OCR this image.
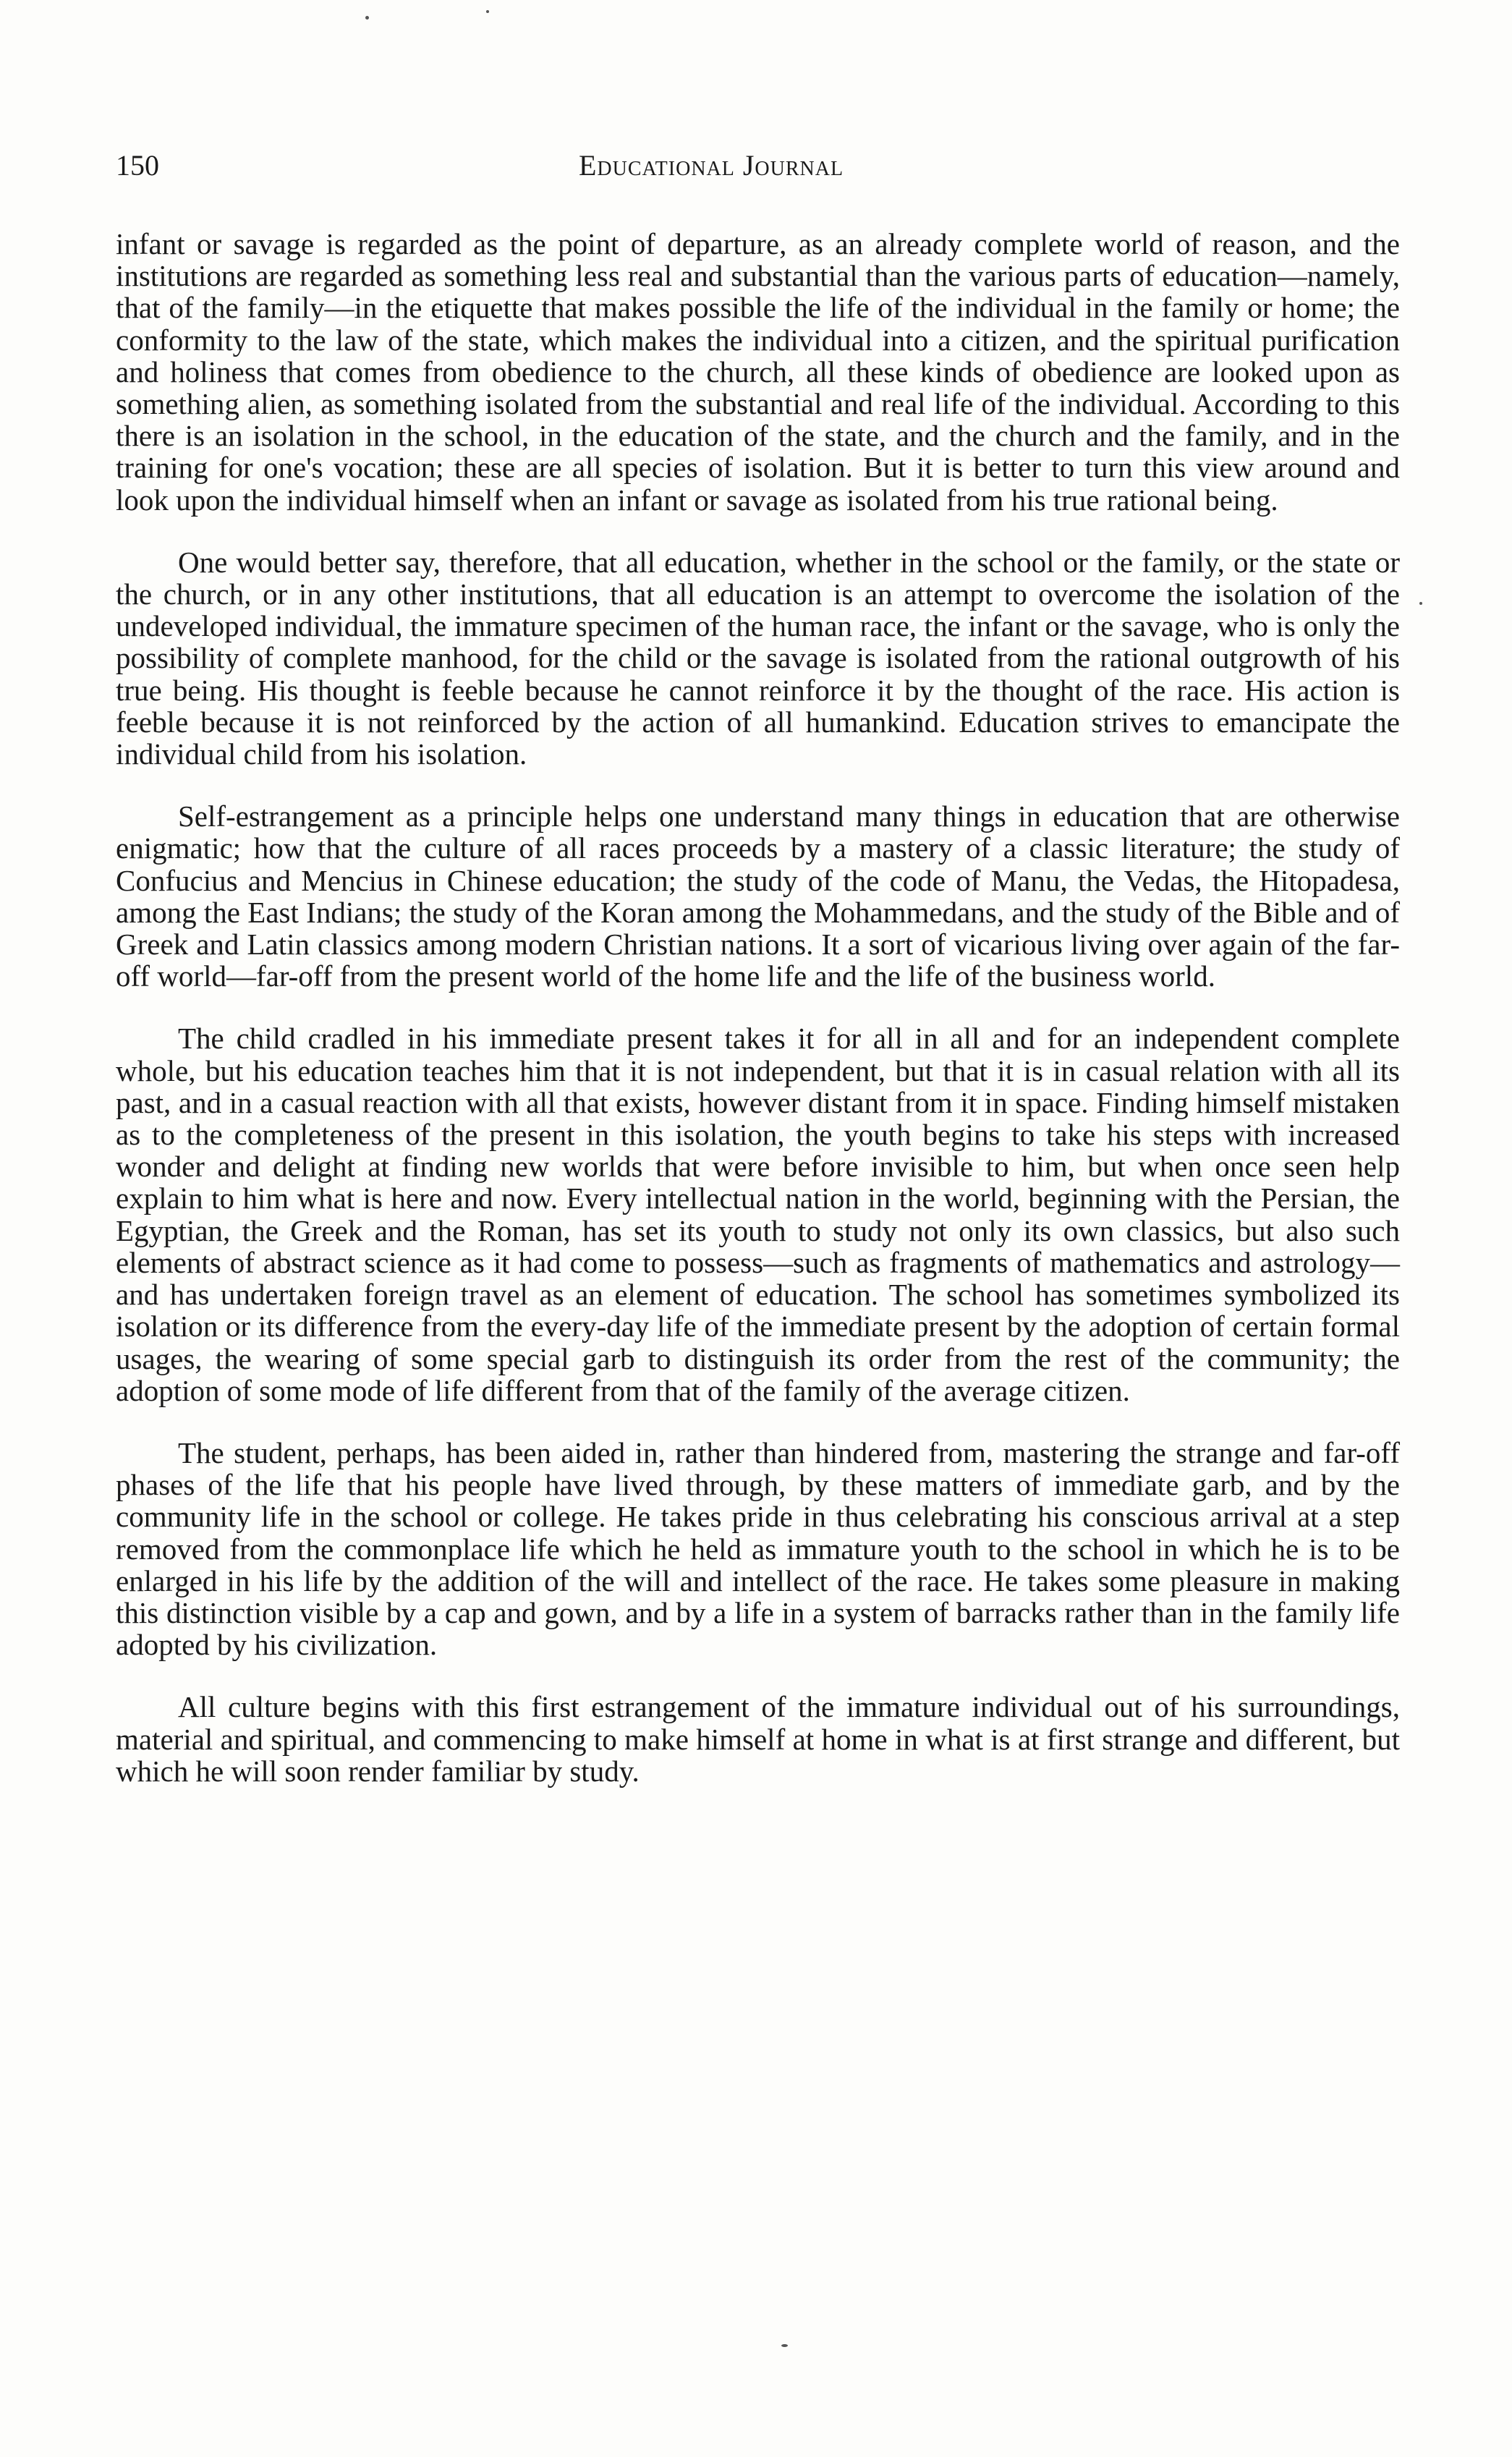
150	Educational Journal

infant or savage is regarded as the point of departure, as an already complete world of reason, and the institutions are regarded as something less real and substantial than the various parts of education—namely, that of the family—in the etiquette that makes possible the life of the individual in the family or home; the conformity to the law of the state, which makes the individual into a citizen, and the spiritual purification and holiness that comes from obedience to the church, all these kinds of obedience are looked upon as something alien, as something isolated from the substantial and real life of the individual. According to this there is an isolation in the school, in the education of the state, and the church and the family, and in the training for one's vocation; these are all species of isolation. But it is better to turn this view around and look upon the individual himself when an infant or savage as isolated from his true rational being.

One would better say, therefore, that all education, whether in the school or the family, or the state or the church, or in any other institutions, that all education is an attempt to overcome the isolation of the undeveloped individual, the immature specimen of the human race, the infant or the savage, who is only the possibility of complete manhood, for the child or the savage is isolated from the rational outgrowth of his true being. His thought is feeble because he cannot reinforce it by the thought of the race. His action is feeble because it is not reinforced by the action of all humankind. Education strives to emancipate the individual child from his isolation.

Self-estrangement as a principle helps one understand many things in education that are otherwise enigmatic; how that the culture of all races proceeds by a mastery of a classic literature; the study of Confucius and Mencius in Chinese education; the study of the code of Manu, the Vedas, the Hitopadesa, among the East Indians; the study of the Koran among the Mohammedans, and the study of the Bible and of Greek and Latin classics among modern Christian nations. It a sort of vicarious living over again of the far-off world—far-off from the present world of the home life and the life of the business world.

The child cradled in his immediate present takes it for all in all and for an independent complete whole, but his education teaches him that it is not independent, but that it is in casual relation with all its past, and in a casual reaction with all that exists, however distant from it in space. Finding himself mistaken as to the completeness of the present in this isolation, the youth begins to take his steps with increased wonder and delight at finding new worlds that were before invisible to him, but when once seen help explain to him what is here and now. Every intellectual nation in the world, beginning with the Persian, the Egyptian, the Greek and the Roman, has set its youth to study not only its own classics, but also such elements of abstract science as it had come to possess—such as fragments of mathematics and astrology—and has undertaken foreign travel as an element of education. The school has sometimes symbolized its isolation or its difference from the every-day life of the immediate present by the adoption of certain formal usages, the wearing of some special garb to distinguish its order from the rest of the community; the adoption of some mode of life different from that of the family of the average citizen.

The student, perhaps, has been aided in, rather than hindered from, mastering the strange and far-off phases of the life that his people have lived through, by these matters of immediate garb, and by the community life in the school or college. He takes pride in thus celebrating his conscious arrival at a step removed from the commonplace life which he held as immature youth to the school in which he is to be enlarged in his life by the addition of the will and intellect of the race. He takes some pleasure in making this distinction visible by a cap and gown, and by a life in a system of barracks rather than in the family life adopted by his civilization.

All culture begins with this first estrangement of the immature individual out of his surroundings, material and spiritual, and commencing to make himself at home in what is at first strange and different, but which he will soon render familiar by study.
